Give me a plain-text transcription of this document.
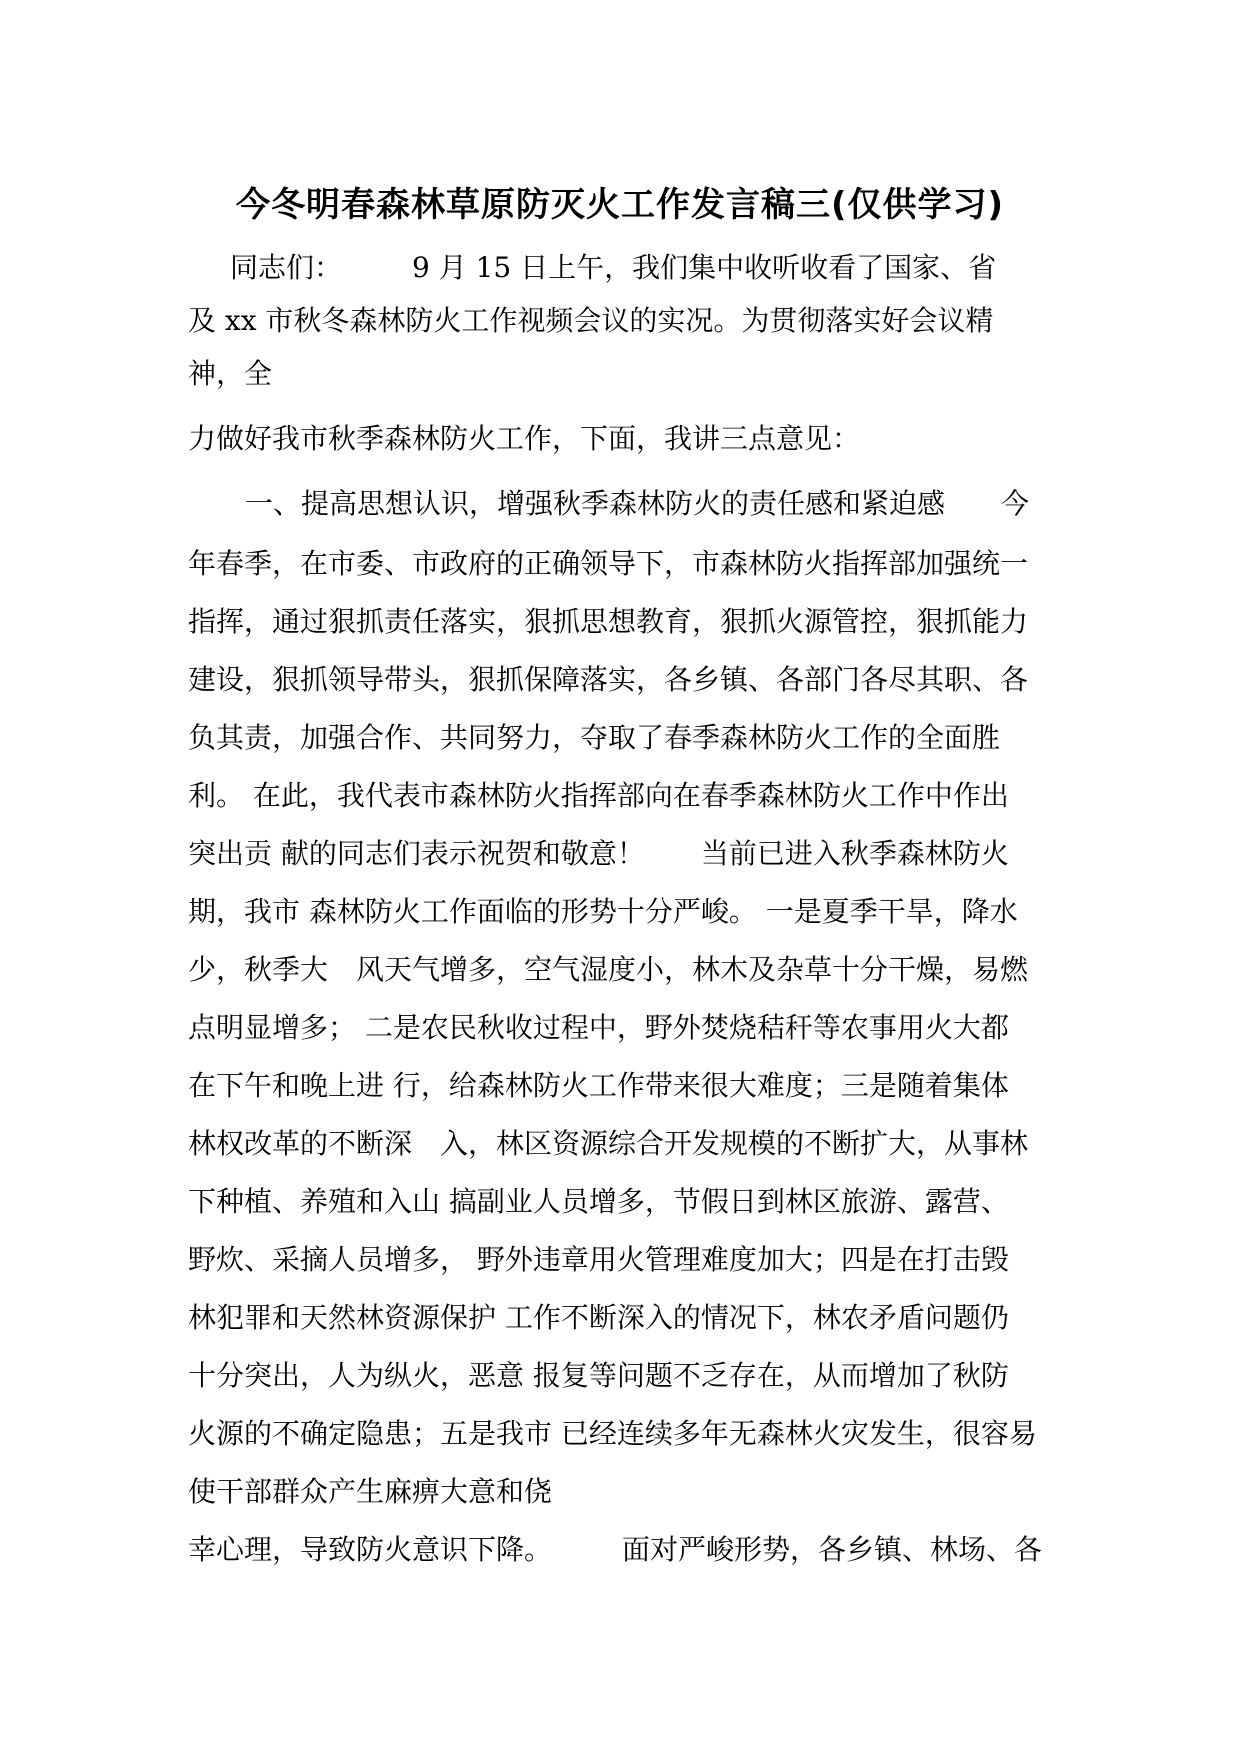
今冬明春森林草原防灭火工作发言稿三(仅供学习)
同志们：　　　9 月 15 日上午，我们集中收听收看了国家、省
及 xx 市秋冬森林防火工作视频会议的实况。为贯彻落实好会议精
神，全
力做好我市秋季森林防火工作，下面，我讲三点意见：
一、提高思想认识，增强秋季森林防火的责任感和紧迫感　　今
年春季，在市委、市政府的正确领导下，市森林防火指挥部加强统一
指挥，通过狠抓责任落实，狠抓思想教育，狠抓火源管控，狠抓能力
建设，狠抓领导带头，狠抓保障落实，各乡镇、各部门各尽其职、各
负其责，加强合作、共同努力，夺取了春季森林防火工作的全面胜
利。 在此，我代表市森林防火指挥部向在春季森林防火工作中作出
突出贡 献的同志们表示祝贺和敬意！　　当前已进入秋季森林防火
期，我市 森林防火工作面临的形势十分严峻。 一是夏季干旱，降水
少，秋季大　风天气增多，空气湿度小，林木及杂草十分干燥，易燃
点明显增多； 二是农民秋收过程中，野外焚烧秸秆等农事用火大都
在下午和晚上进 行，给森林防火工作带来很大难度；三是随着集体
林权改革的不断深　入，林区资源综合开发规模的不断扩大，从事林
下种植、养殖和入山 搞副业人员增多，节假日到林区旅游、露营、
野炊、采摘人员增多， 野外违章用火管理难度加大；四是在打击毁
林犯罪和天然林资源保护 工作不断深入的情况下，林农矛盾问题仍
十分突出，人为纵火，恶意 报复等问题不乏存在，从而增加了秋防
火源的不确定隐患；五是我市 已经连续多年无森林火灾发生，很容易
使干部群众产生麻痹大意和侥
幸心理，导致防火意识下降。　　　面对严峻形势，各乡镇、林场、各
